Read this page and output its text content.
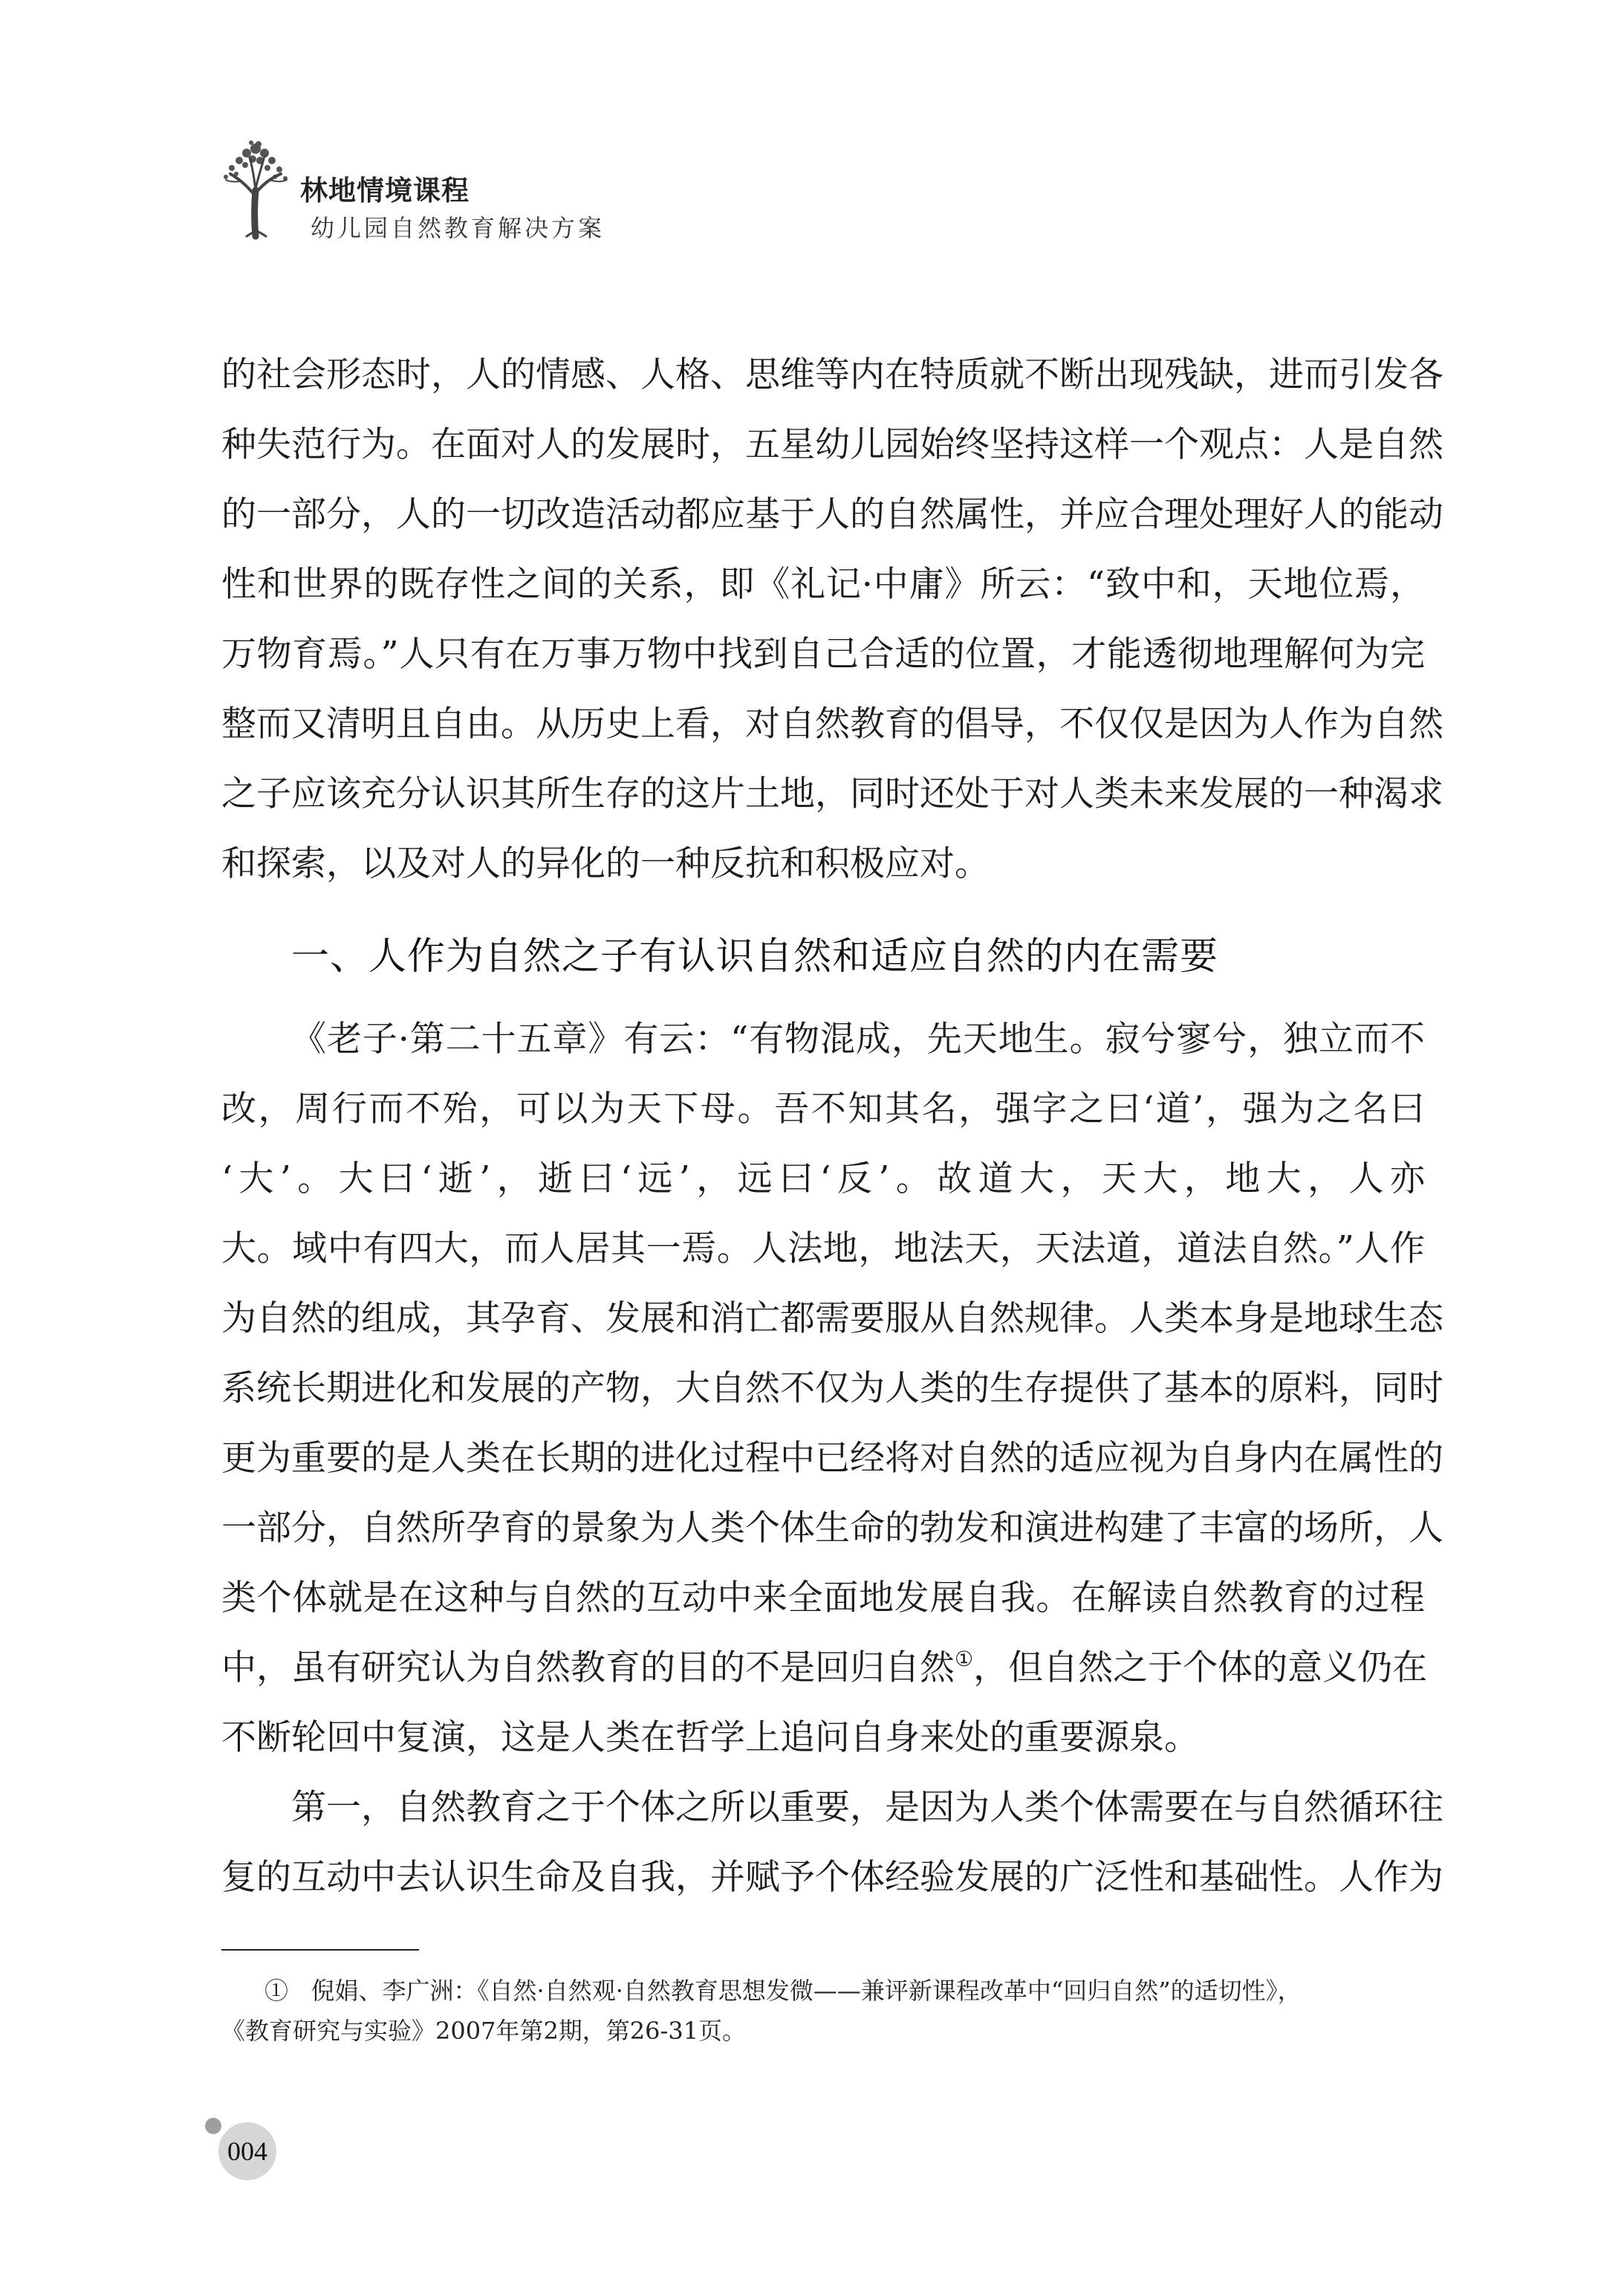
林地情境课程
幼儿园自然教育解决方案
的社会形态时，人的情感、人格、思维等内在特质就不断出现残缺，进而引发各
种失范行为。在面对人的发展时，五星幼儿园始终坚持这样一个观点：人是自然
的一部分，人的一切改造活动都应基于人的自然属性，并应合理处理好人的能动
性和世界的既存性之间的关系，即《礼记·中庸》所云：“致中和，天地位焉，
万物育焉。”人只有在万事万物中找到自己合适的位置，才能透彻地理解何为完
整而又清明且自由。从历史上看，对自然教育的倡导，不仅仅是因为人作为自然
之子应该充分认识其所生存的这片土地，同时还处于对人类未来发展的一种渴求
和探索，以及对人的异化的一种反抗和积极应对。
一、人作为自然之子有认识自然和适应自然的内在需要
《老子·第二十五章》有云：“有物混成，先天地生。寂兮寥兮，独立而不
改，周行而不殆，可以为天下母。吾不知其名，强字之曰‘道’，强为之名曰
‘大’。大曰‘逝’，逝曰‘远’，远曰‘反’。故道大，天大，地大，人亦
大。域中有四大，而人居其一焉。人法地，地法天，天法道，道法自然。”人作
为自然的组成，其孕育、发展和消亡都需要服从自然规律。人类本身是地球生态
系统长期进化和发展的产物，大自然不仅为人类的生存提供了基本的原料，同时
更为重要的是人类在长期的进化过程中已经将对自然的适应视为自身内在属性的
一部分，自然所孕育的景象为人类个体生命的勃发和演进构建了丰富的场所，人
类个体就是在这种与自然的互动中来全面地发展自我。在解读自然教育的过程
中，虽有研究认为自然教育的目的不是回归自然①，但自然之于个体的意义仍在
不断轮回中复演，这是人类在哲学上追问自身来处的重要源泉。
第一，自然教育之于个体之所以重要，是因为人类个体需要在与自然循环往
复的互动中去认识生命及自我，并赋予个体经验发展的广泛性和基础性。人作为
① 倪娟、李广洲：《自然·自然观·自然教育思想发微——兼评新课程改革中“回归自然”的适切性》，
《教育研究与实验》2007年第2期，第26-31页。
004
